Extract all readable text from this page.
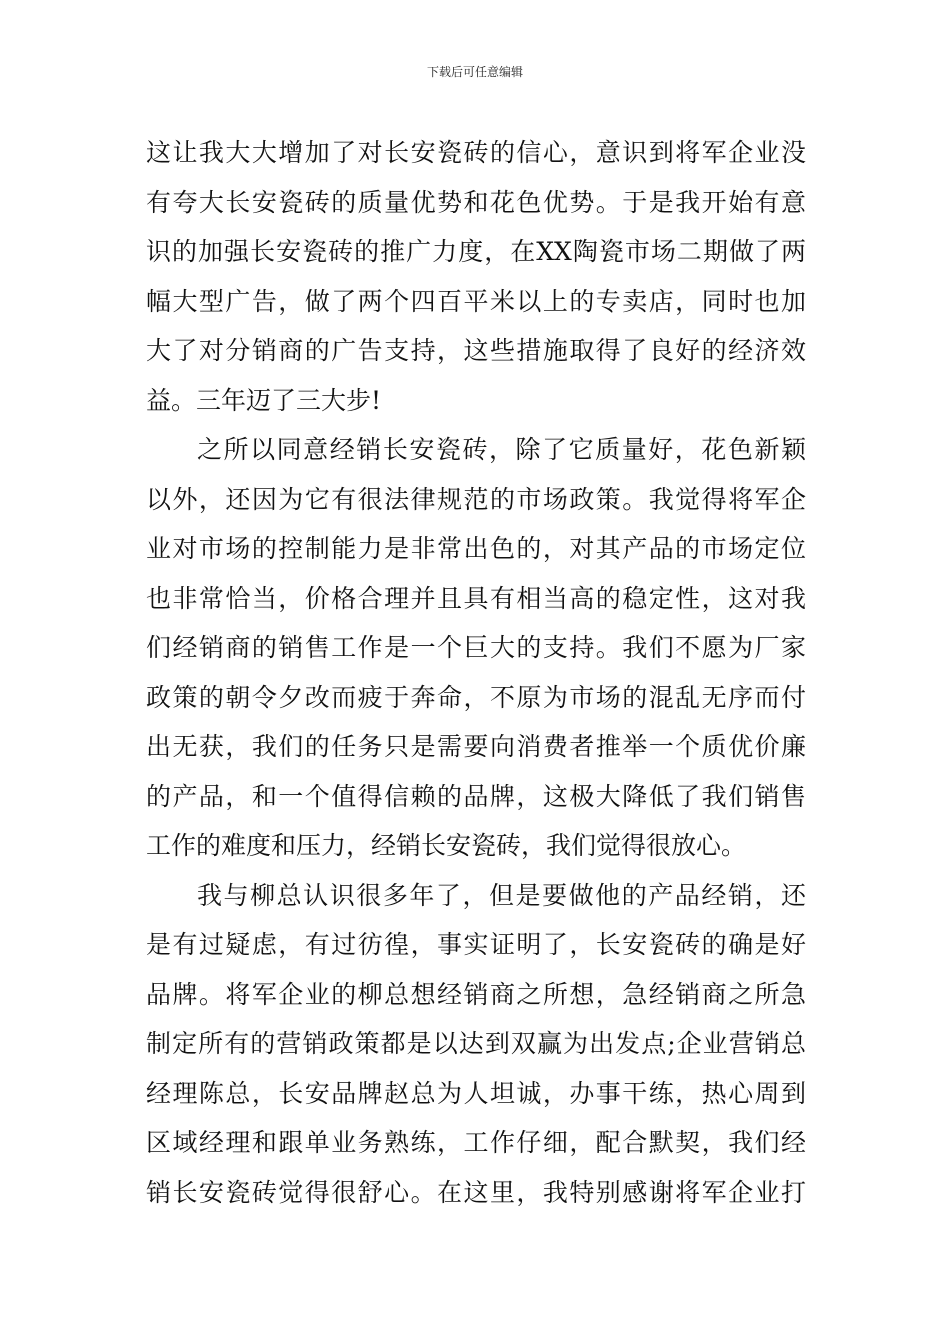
下载后可任意编辑
这让我大大增加了对长安瓷砖的信心，意识到将军企业没
有夸大长安瓷砖的质量优势和花色优势。于是我开始有意
识的加强长安瓷砖的推广力度，在XX陶瓷市场二期做了两
幅大型广告，做了两个四百平米以上的专卖店，同时也加
大了对分销商的广告支持，这些措施取得了良好的经济效
益。三年迈了三大步!
之所以同意经销长安瓷砖，除了它质量好，花色新颖
以外，还因为它有很法律规范的市场政策。我觉得将军企
业对市场的控制能力是非常出色的，对其产品的市场定位
也非常恰当，价格合理并且具有相当高的稳定性，这对我
们经销商的销售工作是一个巨大的支持。我们不愿为厂家
政策的朝令夕改而疲于奔命，不原为市场的混乱无序而付
出无获，我们的任务只是需要向消费者推举一个质优价廉
的产品，和一个值得信赖的品牌，这极大降低了我们销售
工作的难度和压力，经销长安瓷砖，我们觉得很放心。
我与柳总认识很多年了，但是要做他的产品经销，还
是有过疑虑，有过彷徨，事实证明了，长安瓷砖的确是好
品牌。将军企业的柳总想经销商之所想，急经销商之所急
制定所有的营销政策都是以达到双赢为出发点;企业营销总
经理陈总，长安品牌赵总为人坦诚，办事干练，热心周到
区域经理和跟单业务熟练，工作仔细，配合默契，我们经
销长安瓷砖觉得很舒心。在这里，我特别感谢将军企业打
